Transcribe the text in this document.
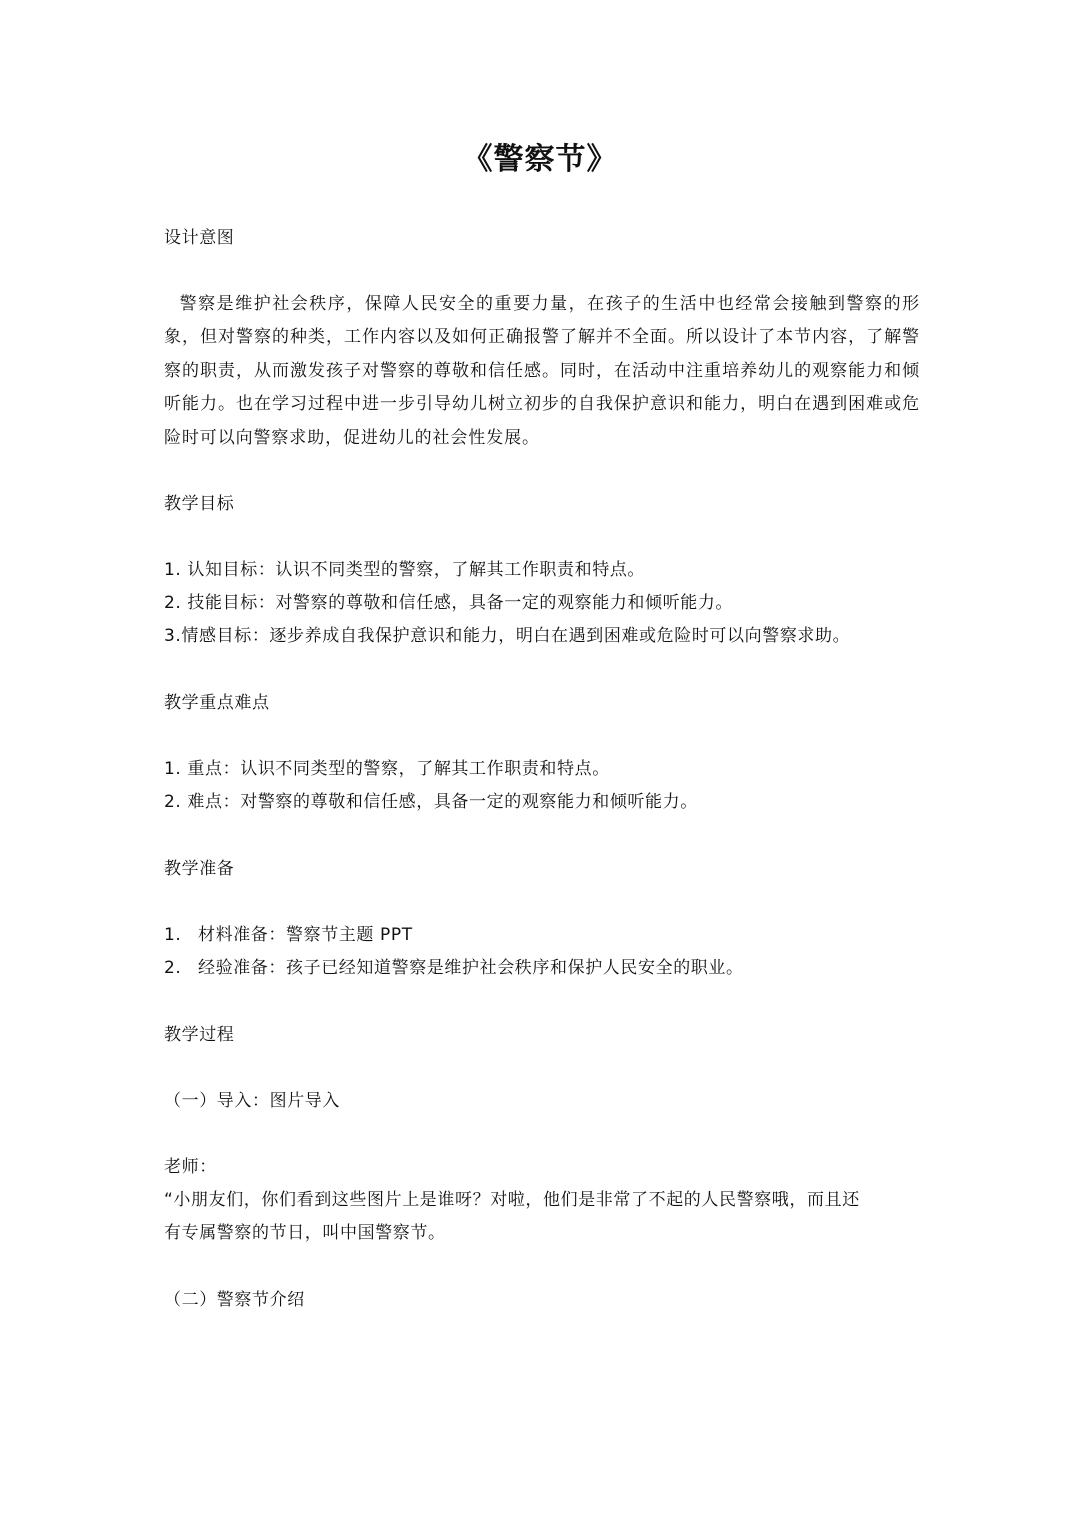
《警察节》
设计意图
警察是维护社会秩序，保障人民安全的重要力量，在孩子的生活中也经常会接触到警察的形象，但对警察的种类，工作内容以及如何正确报警了解并不全面。所以设计了本节内容，了解警察的职责，从而激发孩子对警察的尊敬和信任感。同时，在活动中注重培养幼儿的观察能力和倾听能力。也在学习过程中进一步引导幼儿树立初步的自我保护意识和能力，明白在遇到困难或危险时可以向警察求助，促进幼儿的社会性发展。
教学目标
1. 认知目标：认识不同类型的警察，了解其工作职责和特点。
2. 技能目标：对警察的尊敬和信任感，具备一定的观察能力和倾听能力。
3.情感目标：逐步养成自我保护意识和能力，明白在遇到困难或危险时可以向警察求助。
教学重点难点
1. 重点：认识不同类型的警察，了解其工作职责和特点。
2. 难点：对警察的尊敬和信任感，具备一定的观察能力和倾听能力。
教学准备
1. 材料准备：警察节主题 PPT
2. 经验准备：孩子已经知道警察是维护社会秩序和保护人民安全的职业。
教学过程
（一）导入：图片导入
老师：
“小朋友们，你们看到这些图片上是谁呀？对啦，他们是非常了不起的人民警察哦，而且还
有专属警察的节日，叫中国警察节。
（二）警察节介绍
